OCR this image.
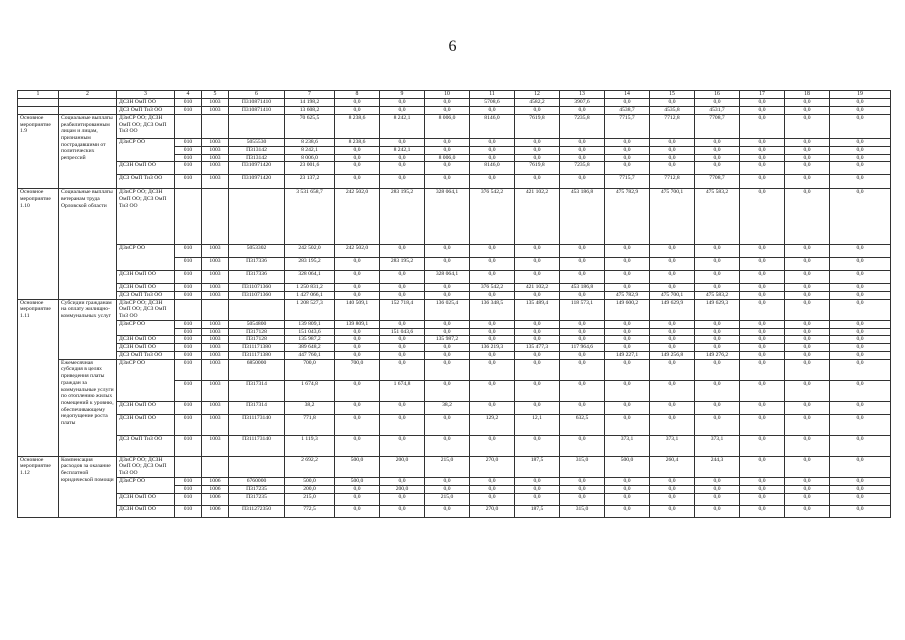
6
1	2	3	4	5	6	7	8	9	10	11	12	13	14	15	16	17	18	19
		ДСЗН ОмП ОО	010	1003	П310871410	14 198,2	0,0	0,0	0,0	5708,6	4582,2	3907,6	0,0	0,0	0,0	0,0	0,0	0,0
		ДСЗ ОмП ТиЗ ОО	010	1003	П310871410	13 608,2	0,0	0,0	0,0	0,0	0,0	0,0	4538,7	4535,8	4531,7	0,0	0,0	0,0
Основное мероприятие 1.9	Социальные выплаты реабилитированным лицам и лицам, признанным пострадавшими от политических репрессий	ДЗиСР ОО; ДСЗН ОмП ОО; ДСЗ ОмП ТиЗ ОО				70 625,5	8 238,6	8 242,1	8 006,0	8146,0	7619,8	7235,8	7715,7	7712,8	7708,7	0,0	0,0	0,0
		ДЗиСР ОО	010	1003	5055530	8 238,6	8 238,6	0,0	0,0	0,0	0,0	0,0	0,0	0,0	0,0	0,0	0,0	0,0
			010	1003	П313142	8 242,1	0,0	8 242,1	0,0	0,0	0,0	0,0	0,0	0,0	0,0	0,0	0,0	0,0
			010	1003	П313142	8 006,0	0,0	0,0	8 006,0	0,0	0,0	0,0	0,0	0,0	0,0	0,0	0,0	0,0
		ДСЗН ОмП ОО	010	1003	П310971420	23 001,6	0,0	0,0	0,0	8146,0	7619,8	7235,8	0,0	0,0	0,0	0,0	0,0	0,0
		ДСЗ ОмП ТиЗ ОО	010	1003	П310971420	23 137,2	0,0	0,0	0,0	0,0	0,0	0,0	7715,7	7712,8	7708,7	0,0	0,0	0,0
Основное мероприятие 1.10	Социальные выплаты ветеранам труда Орловской области	ДЗиСР ОО; ДСЗН ОмП ОО; ДСЗ ОмП ТиЗ ОО				3 531 658,7	242 502,0	283 195,2	328 064,1	376 542,2	421 102,2	453 186,8	475 782,9	475 700,1	475 583,2	0,0	0,0	0,0
		ДЗиСР ОО	010	1003	5053302	242 502,0	242 502,0	0,0	0,0	0,0	0,0	0,0	0,0	0,0	0,0	0,0	0,0	0,0
			010	1003	П317336	283 195,2	0,0	283 195,2	0,0	0,0	0,0	0,0	0,0	0,0	0,0	0,0	0,0	0,0
		ДСЗН ОмП ОО	010	1003	П317336	328 064,1	0,0	0,0	328 064,1	0,0	0,0	0,0	0,0	0,0	0,0	0,0	0,0	0,0
		ДСЗН ОмП ОО	010	1003	П311071360	1 250 831,2	0,0	0,0	0,0	376 542,2	421 102,2	453 186,8	0,0	0,0	0,0	0,0	0,0	0,0
		ДСЗ ОмП ТиЗ ОО	010	1003	П311071360	1 427 066,1	0,0	0,0	0,0	0,0	0,0	0,0	475 782,9	475 700,1	475 583,2	0,0	0,0	0,0
Основное мероприятие 1.11	Субсидии гражданам на оплату жилищно-коммунальных услуг	ДЗиСР ОО; ДСЗН ОмП ОО; ДСЗ ОмП ТиЗ ОО				1 208 527,3	140 509,1	152 718,4	136 025,4	136 348,5	135 489,4	118 573,1	149 600,2	149 629,9	149 629,3	0,0	0,0	0,0
		ДЗиСР ОО	010	1003	5054800	139 809,1	139 809,1	0,0	0,0	0,0	0,0	0,0	0,0	0,0	0,0	0,0	0,0	0,0
			010	1003	П317128	151 043,6	0,0	151 043,6	0,0	0,0	0,0	0,0	0,0	0,0	0,0	0,0	0,0	0,0
		ДСЗН ОмП ОО	010	1003	П317128	135 987,2	0,0	0,0	135 987,2	0,0	0,0	0,0	0,0	0,0	0,0	0,0	0,0	0,0
		ДСЗН ОмП ОО	010	1003	П311171380	389 648,2	0,0	0,0	0,0	136 219,3	135 477,3	117 964,6	0,0	0,0	0,0	0,0	0,0	0,0
		ДСЗ ОмП ТиЗ ОО	010	1003	П311171380	447 760,1	0,0	0,0	0,0	0,0	0,0	0,0	149 227,1	149 256,8	149 276,2	0,0	0,0	0,0
	Ежемесячная субсидия в целях приведения платы граждан за коммунальные услуги по отоплению жилых помещений к уровню, обеспечивающему недопущение роста платы	ДЗиСР ОО	010	1003	6850000	700,0	700,0	0,0	0,0	0,0	0,0	0,0	0,0	0,0	0,0	0,0	0,0	0,0
			010	1003	П317314	1 674,8	0,0	1 674,8	0,0	0,0	0,0	0,0	0,0	0,0	0,0	0,0	0,0	0,0
		ДСЗН ОмП ОО	010	1003	П317314	38,2	0,0	0,0	38,2	0,0	0,0	0,0	0,0	0,0	0,0	0,0	0,0	0,0
		ДСЗН ОмП ОО	010	1003	П311173140	771,8	0,0	0,0	0,0	129,2	12,1	632,5	0,0	0,0	0,0	0,0	0,0	0,0
		ДСЗ ОмП ТиЗ ОО	010	1003	П311173140	1 119,3	0,0	0,0	0,0	0,0	0,0	0,0	373,1	373,1	373,1	0,0	0,0	0,0
Основное мероприятие 1.12	Компенсация расходов за оказание бесплатной юридической помощи	ДЗиСР ОО; ДСЗН ОмП ОО; ДСЗ ОмП ТиЗ ОО				2 692,2	500,0	200,0	215,0	270,0	187,5	315,0	500,0	260,4	244,3	0,0	0,0	0,0
		ДЗиСР ОО	010	1006	6760000	500,0	500,0	0,0	0,0	0,0	0,0	0,0	0,0	0,0	0,0	0,0	0,0	0,0
			010	1006	П317235	200,0	0,0	200,0	0,0	0,0	0,0	0,0	0,0	0,0	0,0	0,0	0,0	0,0
		ДСЗН ОмП ОО	010	1006	П317235	215,0	0,0	0,0	215,0	0,0	0,0	0,0	0,0	0,0	0,0	0,0	0,0	0,0
		ДСЗН ОмП ОО	010	1006	П311272350	772,5	0,0	0,0	0,0	270,0	187,5	315,0	0,0	0,0	0,0	0,0	0,0	0,0
